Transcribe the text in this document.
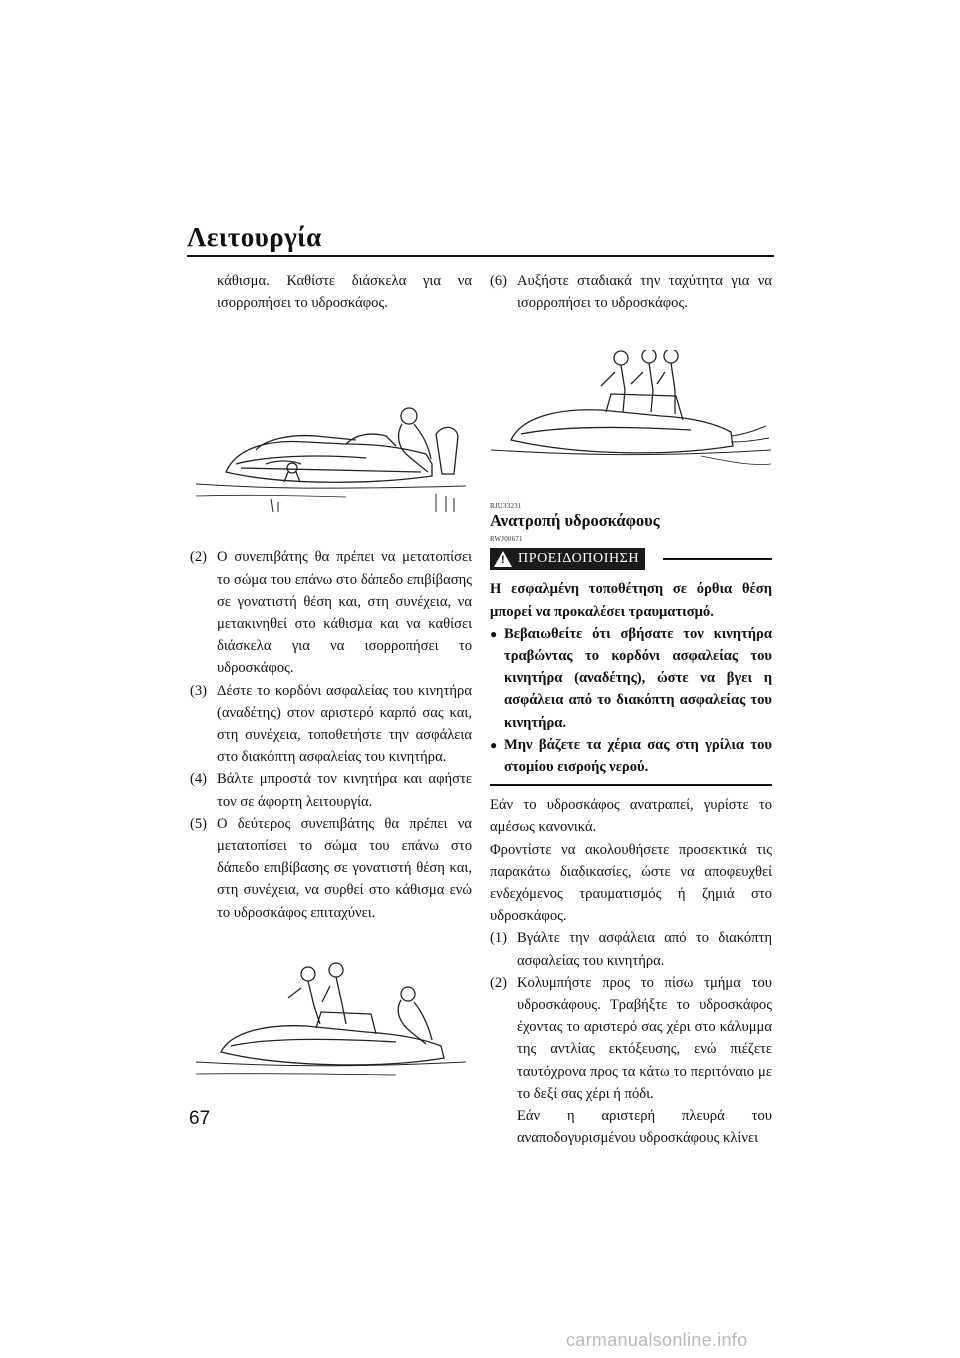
Λειτουργία
κάθισμα. Καθίστε διάσκελα για να
ισορροπήσει το υδροσκάφος.
(2) Ο συνεπιβάτης θα πρέπει να μετατοπίσει το σώμα του επάνω στο δάπεδο επιβίβασης σε γονατιστή θέση και, στη συνέχεια, να μετακινηθεί στο κάθισμα και να καθίσει διάσκελα για να ισορροπήσει το υδροσκάφος.
(3) Δέστε το κορδόνι ασφαλείας του κινητήρα (αναδέτης) στον αριστερό καρπό σας και, στη συνέχεια, τοποθετήστε την ασφάλεια στο διακόπτη ασφαλείας του κινητήρα.
(4) Βάλτε μπροστά τον κινητήρα και αφήστε τον σε άφορτη λειτουργία.
(5) Ο δεύτερος συνεπιβάτης θα πρέπει να μετατοπίσει το σώμα του επάνω στο δάπεδο επιβίβασης σε γονατιστή θέση και, στη συνέχεια, να συρθεί στο κάθισμα ενώ το υδροσκάφος επιταχύνει.
(6) Αυξήστε σταδιακά την ταχύτητα για να ισορροπήσει το υδροσκάφος.
RJU33231
Ανατροπή υδροσκάφους
RWJ00671
! ΠΡΟΕΙΔΟΠΟΙΗΣΗ
Η εσφαλμένη τοποθέτηση σε όρθια θέση μπορεί να προκαλέσει τραυματισμό.
● Βεβαιωθείτε ότι σβήσατε τον κινητήρα τραβώντας το κορδόνι ασφαλείας του κινητήρα (αναδέτης), ώστε να βγει η ασφάλεια από το διακόπτη ασφαλείας του κινητήρα.
● Μην βάζετε τα χέρια σας στη γρίλια του στομίου εισροής νερού.
Εάν το υδροσκάφος ανατραπεί, γυρίστε το αμέσως κανονικά.
Φροντίστε να ακολουθήσετε προσεκτικά τις παρακάτω διαδικασίες, ώστε να αποφευχθεί ενδεχόμενος τραυματισμός ή ζημιά στο υδροσκάφος.
(1) Βγάλτε την ασφάλεια από το διακόπτη ασφαλείας του κινητήρα.
(2) Κολυμπήστε προς το πίσω τμήμα του υδροσκάφους. Τραβήξτε το υδροσκάφος έχοντας το αριστερό σας χέρι στο κάλυμμα της αντλίας εκτόξευσης, ενώ πιέζετε ταυτόχρονα προς τα κάτω το περιτόναιο με το δεξί σας χέρι ή πόδι.
Εάν η αριστερή πλευρά του αναποδογυρισμένου υδροσκάφους κλίνει
67
carmanualsonline.info
